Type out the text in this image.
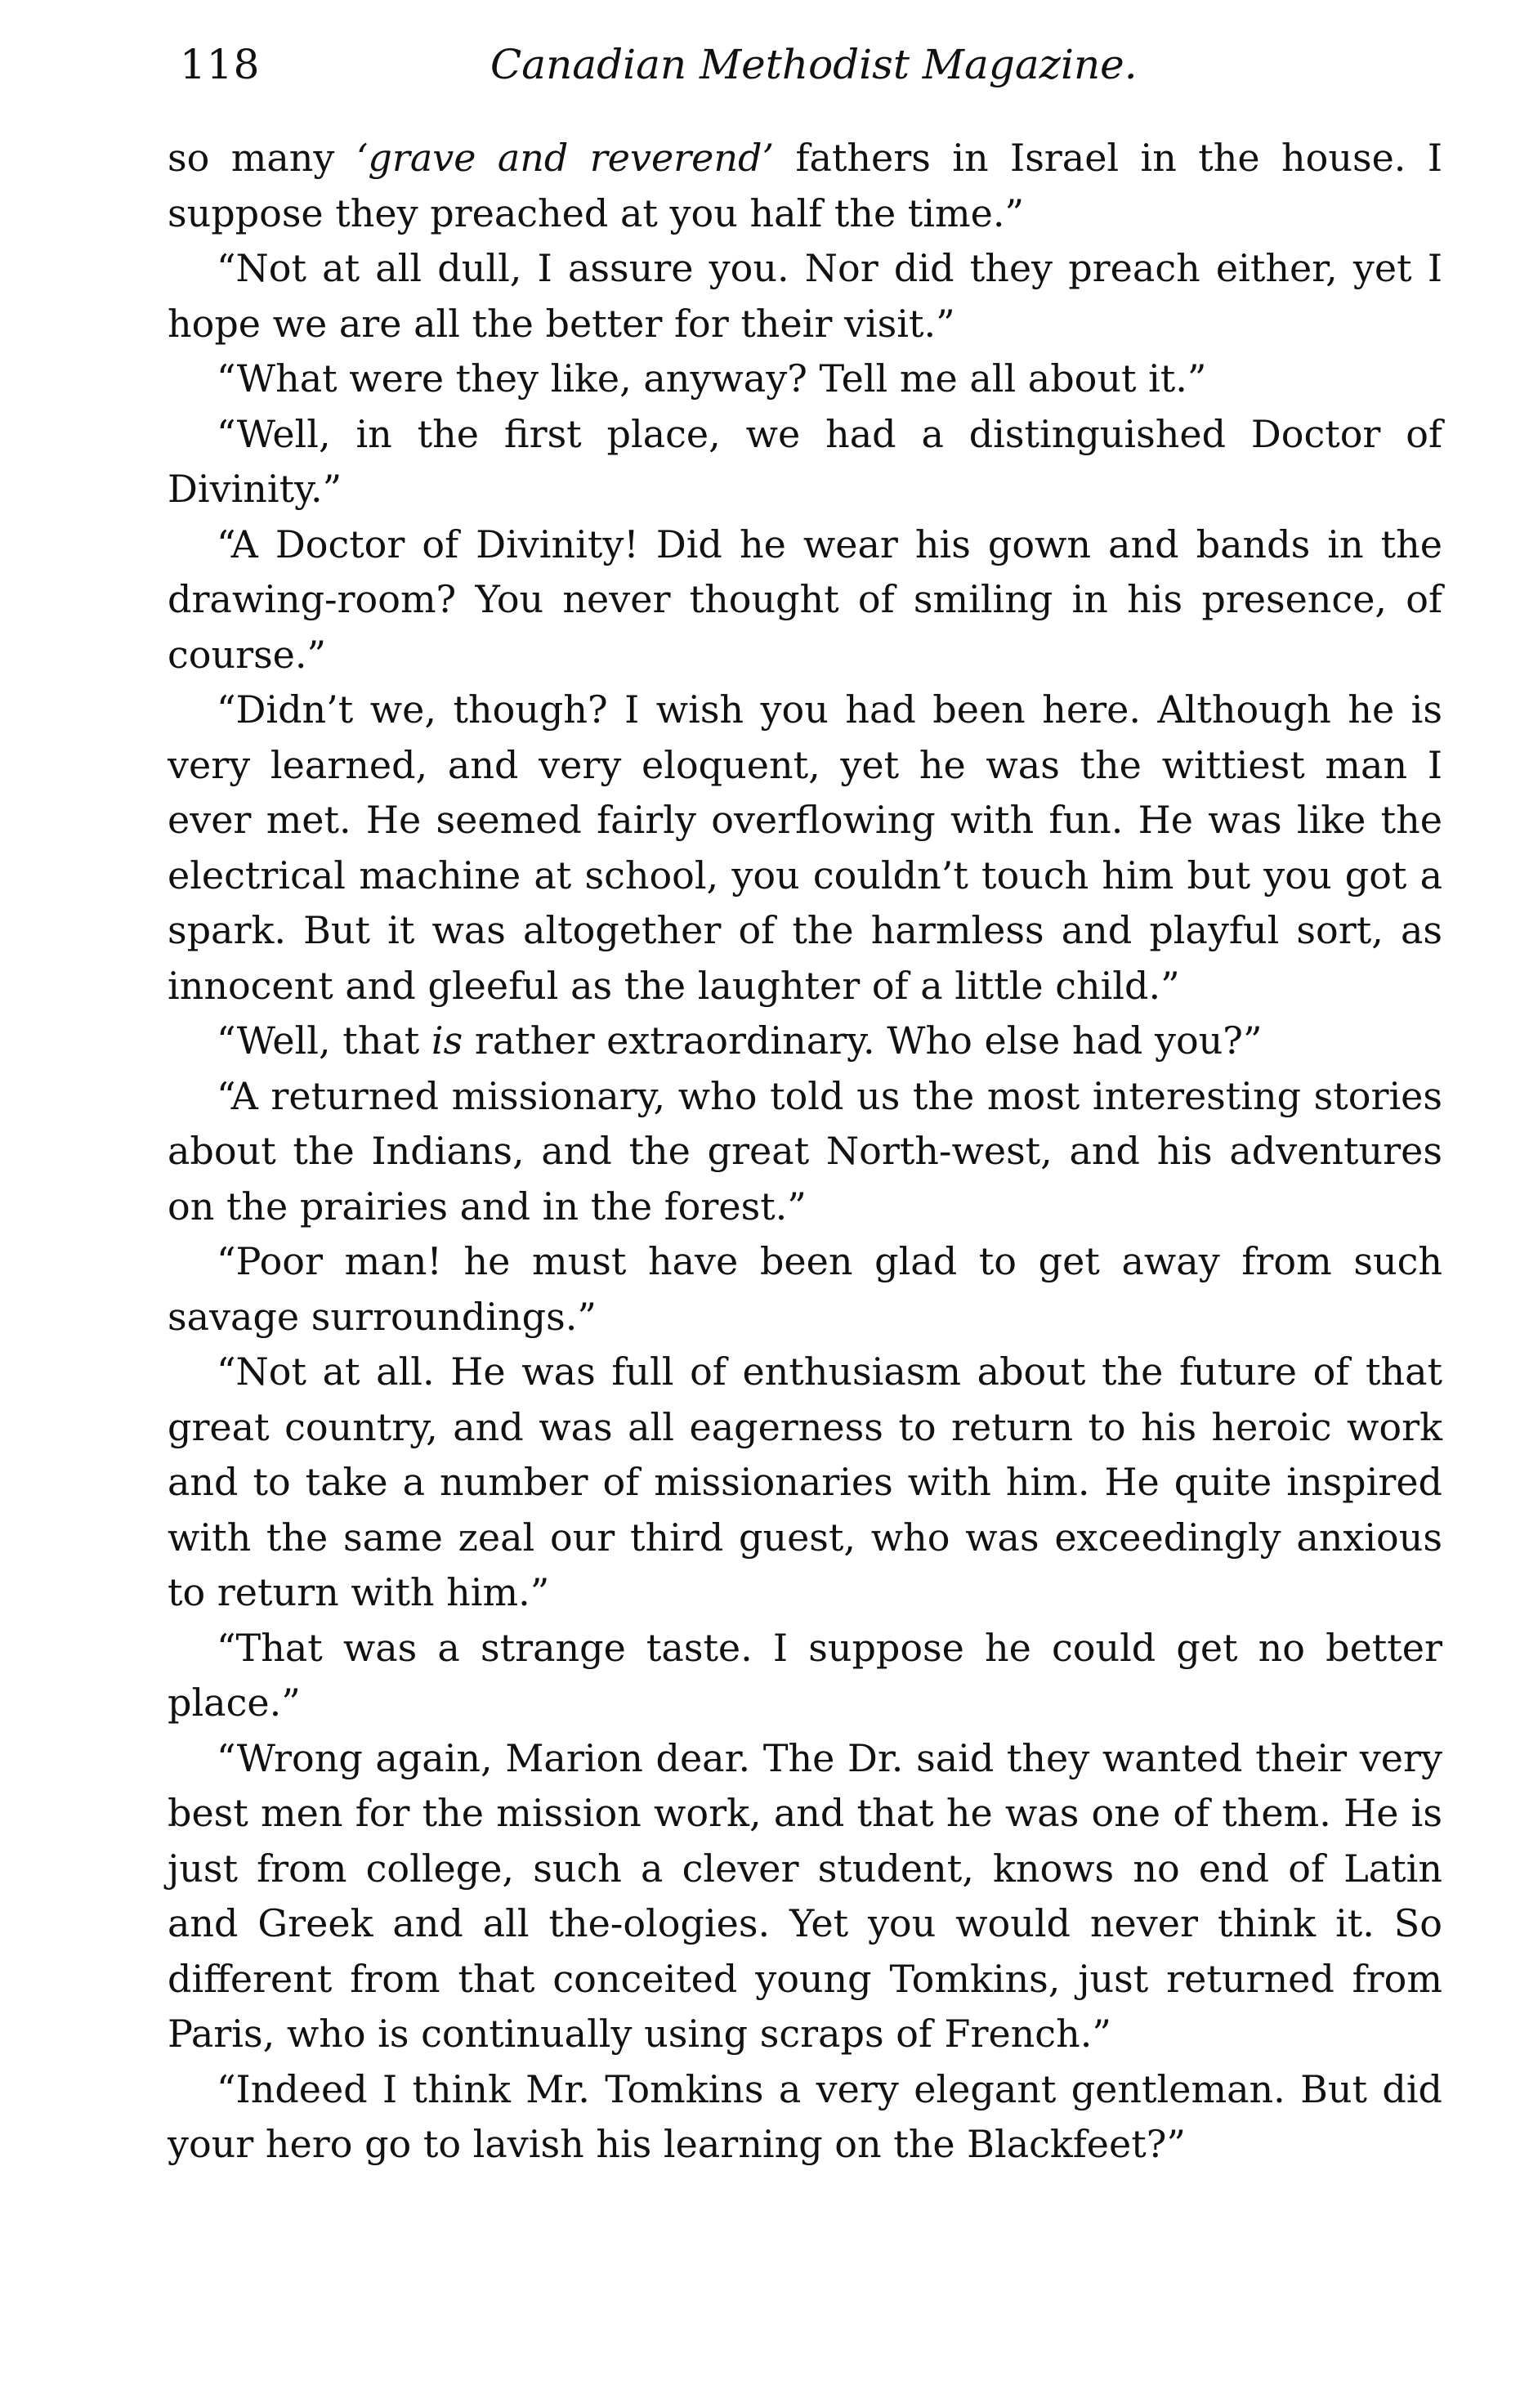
118	Canadian Methodist Magazine.

so many ‘grave and reverend’ fathers in Israel in the house. I suppose they preached at you half the time.”

“Not at all dull, I assure you. Nor did they preach either, yet I hope we are all the better for their visit.”

“What were they like, anyway? Tell me all about it.”

“Well, in the first place, we had a distinguished Doctor of Divinity.”

“A Doctor of Divinity! Did he wear his gown and bands in the drawing-room? You never thought of smiling in his presence, of course.”

“Didn’t we, though? I wish you had been here. Although he is very learned, and very eloquent, yet he was the wittiest man I ever met. He seemed fairly overflowing with fun. He was like the electrical machine at school, you couldn’t touch him but you got a spark. But it was altogether of the harmless and playful sort, as innocent and gleeful as the laughter of a little child.”

“Well, that is rather extraordinary. Who else had you?”

“A returned missionary, who told us the most interesting stories about the Indians, and the great North-west, and his adventures on the prairies and in the forest.”

“Poor man! he must have been glad to get away from such savage surroundings.”

“Not at all. He was full of enthusiasm about the future of that great country, and was all eagerness to return to his heroic work and to take a number of missionaries with him. He quite inspired with the same zeal our third guest, who was exceedingly anxious to return with him.”

“That was a strange taste. I suppose he could get no better place.”

“Wrong again, Marion dear. The Dr. said they wanted their very best men for the mission work, and that he was one of them. He is just from college, such a clever student, knows no end of Latin and Greek and all the-ologies. Yet you would never think it. So different from that conceited young Tomkins, just returned from Paris, who is continually using scraps of French.”

“Indeed I think Mr. Tomkins a very elegant gentleman. But did your hero go to lavish his learning on the Blackfeet?”
